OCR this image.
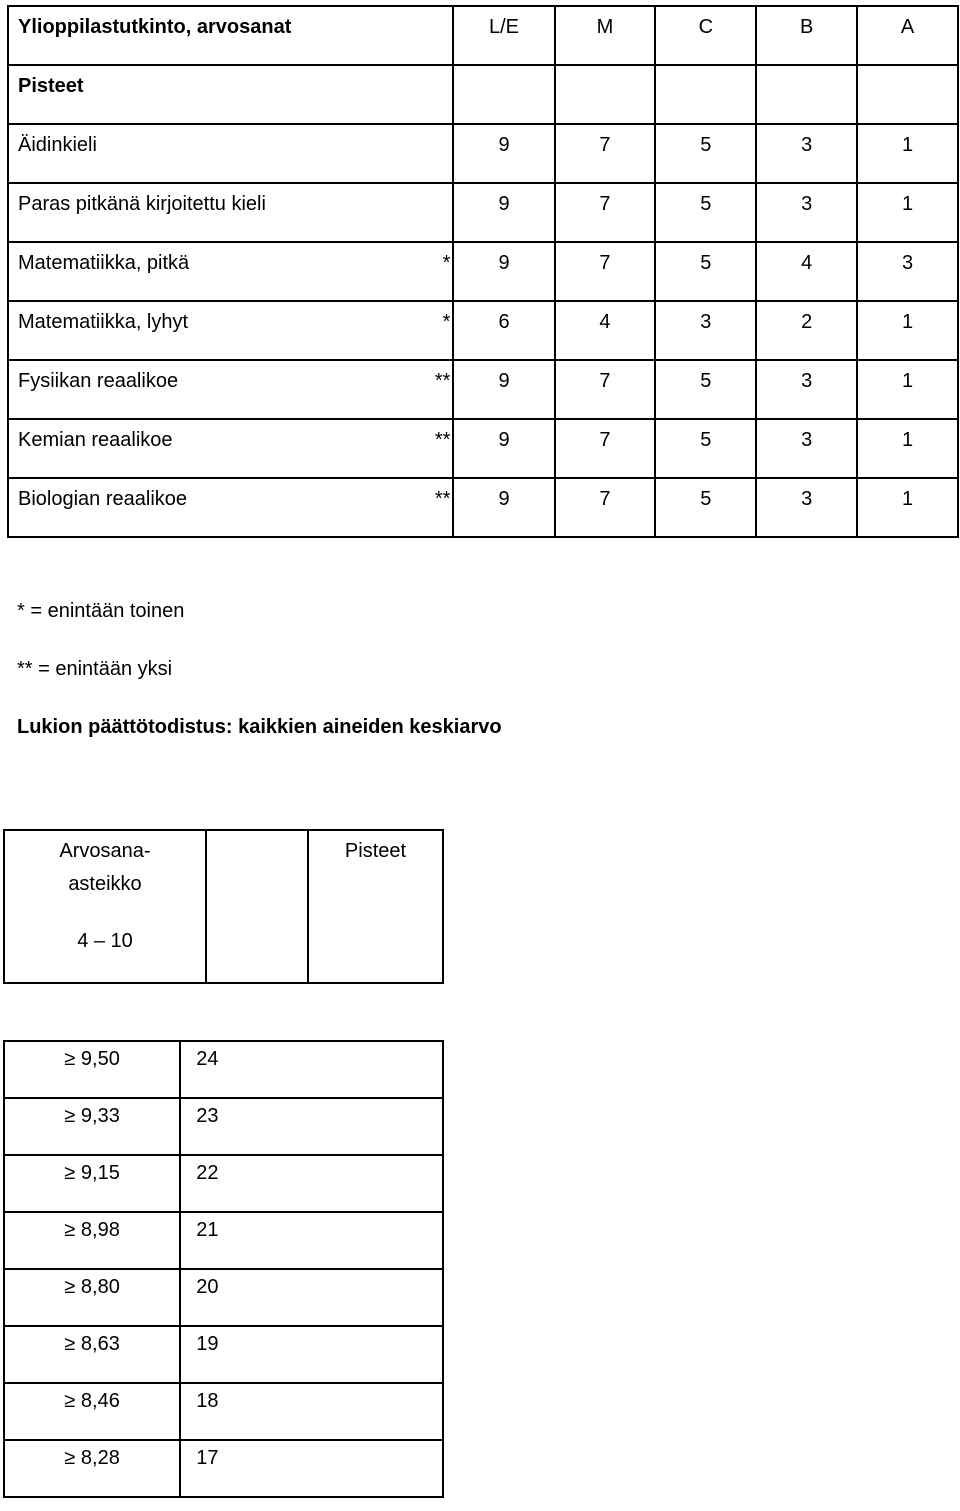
Ylioppilastutkinto, arvosanat	L/E	M	C	B	A
Pisteet					
Äidinkieli	9	7	5	3	1
Paras pitkänä kirjoitettu kieli	9	7	5	3	1
Matematiikka, pitkä	* 9	7	5	4	3
Matematiikka, lyhyt	* 6	4	3	2	1
Fysiikan reaalikoe	** 9	7	5	3	1
Kemian reaalikoe	** 9	7	5	3	1
Biologian reaalikoe	** 9	7	5	3	1
* = enintään toinen
** = enintään yksi
Lukion päättötodistus: kaikkien aineiden keskiarvo
Arvosana-
asteikko
4 – 10
		Pisteet
≥ 9,50		24
≥ 9,33		23
≥ 9,15		22
≥ 8,98		21
≥ 8,80		20
≥ 8,63		19
≥ 8,46		18
≥ 8,28		17
